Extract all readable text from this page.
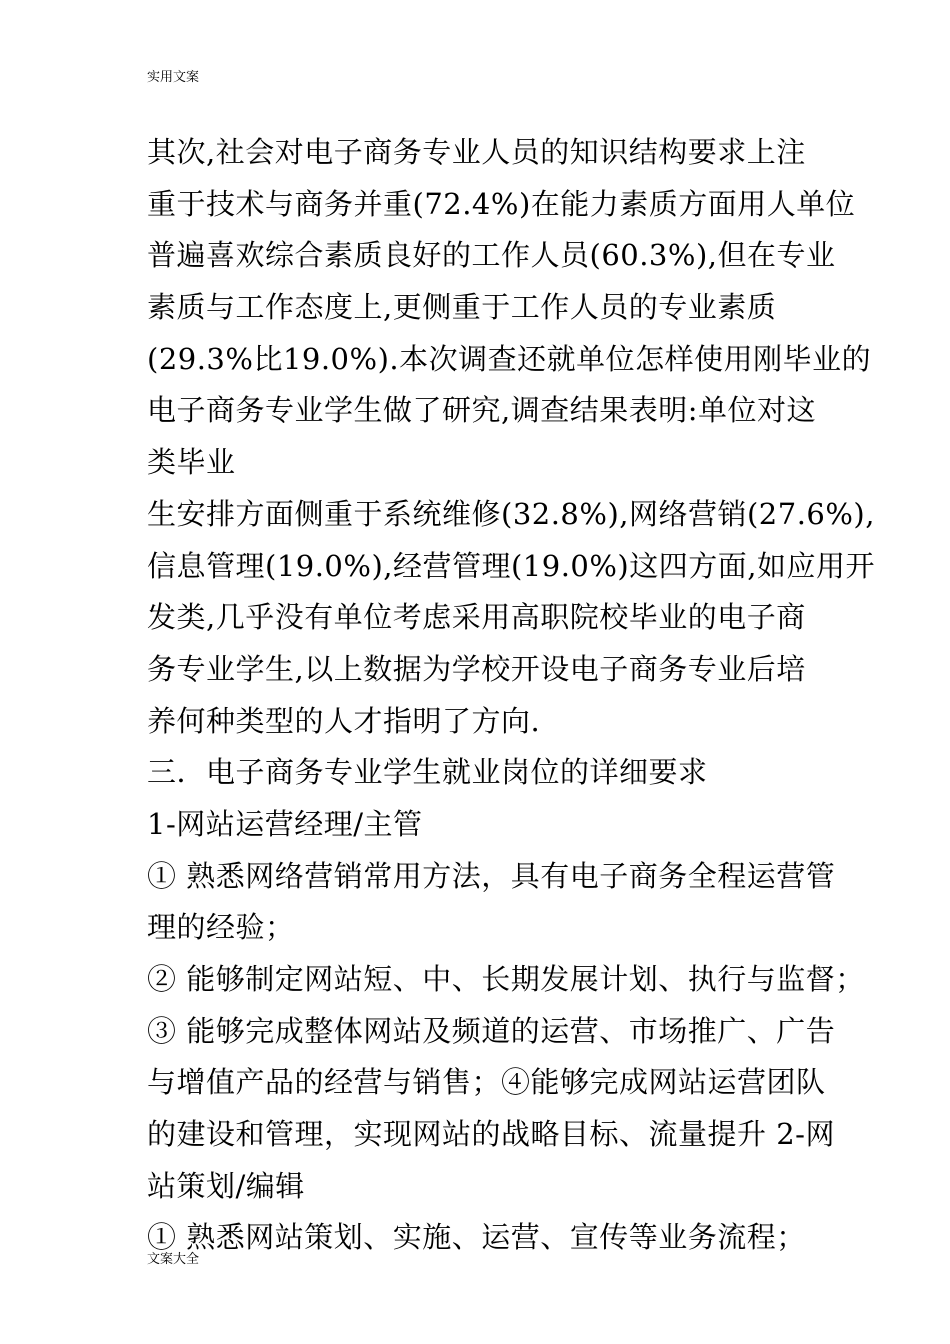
实用文案
其次,社会对电子商务专业人员的知识结构要求上注
重于技术与商务并重(72.4%)在能力素质方面用人单位
普遍喜欢综合素质良好的工作人员(60.3%),但在专业
素质与工作态度上,更侧重于工作人员的专业素质
(29.3%比19.0%).本次调查还就单位怎样使用刚毕业的
电子商务专业学生做了研究,调查结果表明:单位对这
类毕业
生安排方面侧重于系统维修(32.8%),网络营销(27.6%),
信息管理(19.0%),经营管理(19.0%)这四方面,如应用开
发类,几乎没有单位考虑采用高职院校毕业的电子商
务专业学生,以上数据为学校开设电子商务专业后培
养何种类型的人才指明了方向.
三．电子商务专业学生就业岗位的详细要求
1-网站运营经理/主管
① 熟悉网络营销常用方法，具有电子商务全程运营管
理的经验；
② 能够制定网站短、中、长期发展计划、执行与监督；
③ 能够完成整体网站及频道的运营、市场推广、广告
与增值产品的经营与销售；④能够完成网站运营团队
的建设和管理，实现网站的战略目标、流量提升 2-网
站策划/编辑
① 熟悉网站策划、实施、运营、宣传等业务流程；
文案大全
